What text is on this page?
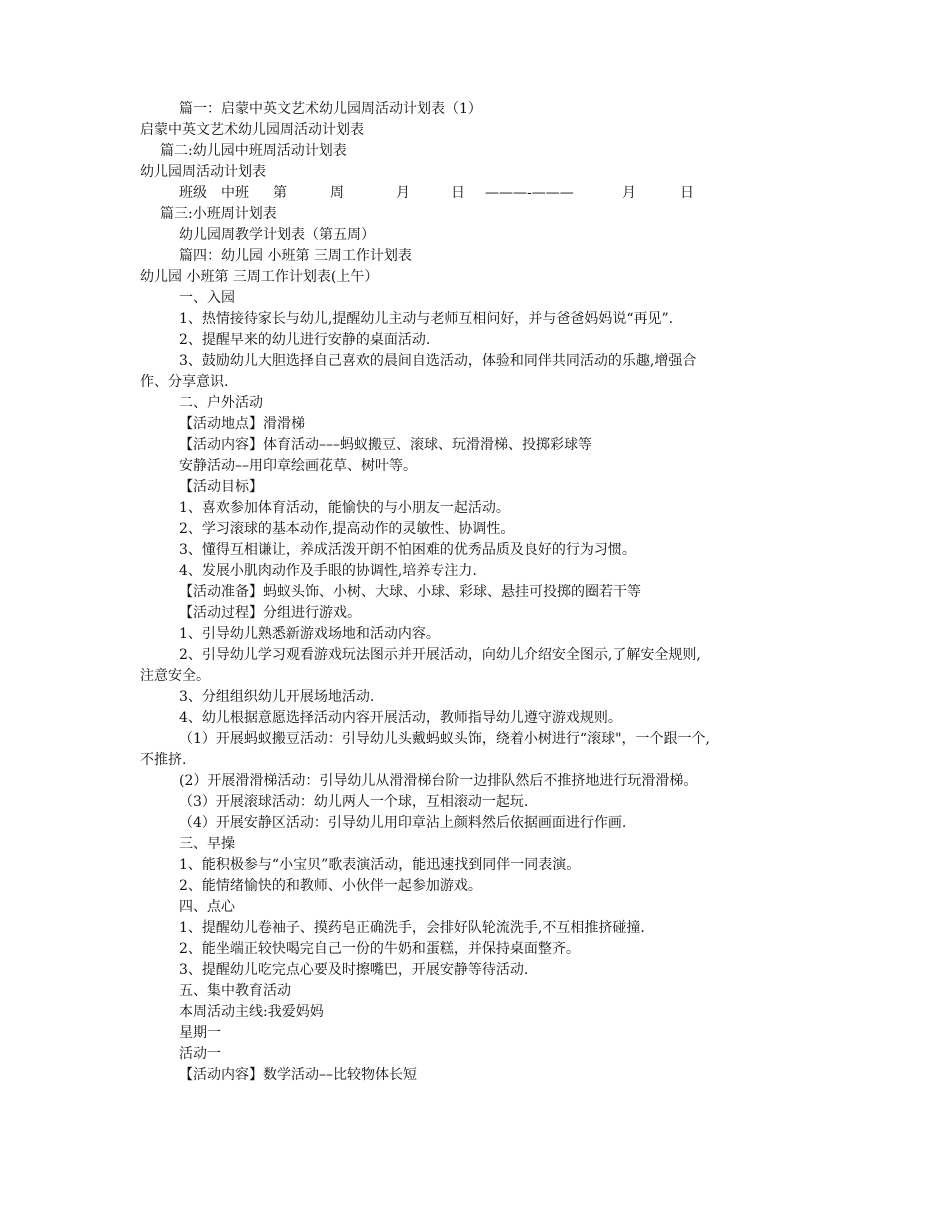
篇一：启蒙中英文艺术幼儿园周活动计划表（1）
启蒙中英文艺术幼儿园周活动计划表
篇二:幼儿园中班周活动计划表
幼儿园周活动计划表
班级 中班 第	周	月	日 ———-———	月	日
篇三:小班周计划表
幼儿园周教学计划表（第五周）
篇四：幼儿园 小班第 三周工作计划表
幼儿园 小班第 三周工作计划表(上午）
一、入园
1、热情接待家长与幼儿,提醒幼儿主动与老师互相问好，并与爸爸妈妈说“再见”.
2、提醒早来的幼儿进行安静的桌面活动.
3、鼓励幼儿大胆选择自己喜欢的晨间自选活动，体验和同伴共同活动的乐趣,增强合
作、分享意识.
二、户外活动
【活动地点】滑滑梯
【活动内容】体育活动–––蚂蚁搬豆、滚球、玩滑滑梯、投掷彩球等
安静活动––用印章绘画花草、树叶等。
【活动目标】
1、喜欢参加体育活动，能愉快的与小朋友一起活动。
2、学习滚球的基本动作,提高动作的灵敏性、协调性。
3、懂得互相谦让，养成活泼开朗不怕困难的优秀品质及良好的行为习惯。
4、发展小肌肉动作及手眼的协调性,培养专注力.
【活动准备】蚂蚁头饰、小树、大球、小球、彩球、悬挂可投掷的圈若干等
【活动过程】分组进行游戏。
1、引导幼儿熟悉新游戏场地和活动内容。
2、引导幼儿学习观看游戏玩法图示并开展活动，向幼儿介绍安全图示,了解安全规则,
注意安全。
3、分组组织幼儿开展场地活动.
4、幼儿根据意愿选择活动内容开展活动，教师指导幼儿遵守游戏规则。
（1）开展蚂蚁搬豆活动：引导幼儿头戴蚂蚁头饰，绕着小树进行“滚球"，一个跟一个,
不推挤.
(2）开展滑滑梯活动：引导幼儿从滑滑梯台阶一边排队然后不推挤地进行玩滑滑梯。
（3）开展滚球活动：幼儿两人一个球，互相滚动一起玩.
（4）开展安静区活动：引导幼儿用印章沾上颜料然后依据画面进行作画.
三、早操
1、能积极参与“小宝贝”歌表演活动，能迅速找到同伴一同表演。
2、能情绪愉快的和教师、小伙伴一起参加游戏。
四、点心
1、提醒幼儿卷袖子、摸药皂正确洗手，会排好队轮流洗手,不互相推挤碰撞.
2、能坐端正较快喝完自己一份的牛奶和蛋糕，并保持桌面整齐。
3、提醒幼儿吃完点心要及时擦嘴巴，开展安静等待活动.
五、集中教育活动
本周活动主线:我爱妈妈
星期一
活动一
【活动内容】数学活动––比较物体长短
